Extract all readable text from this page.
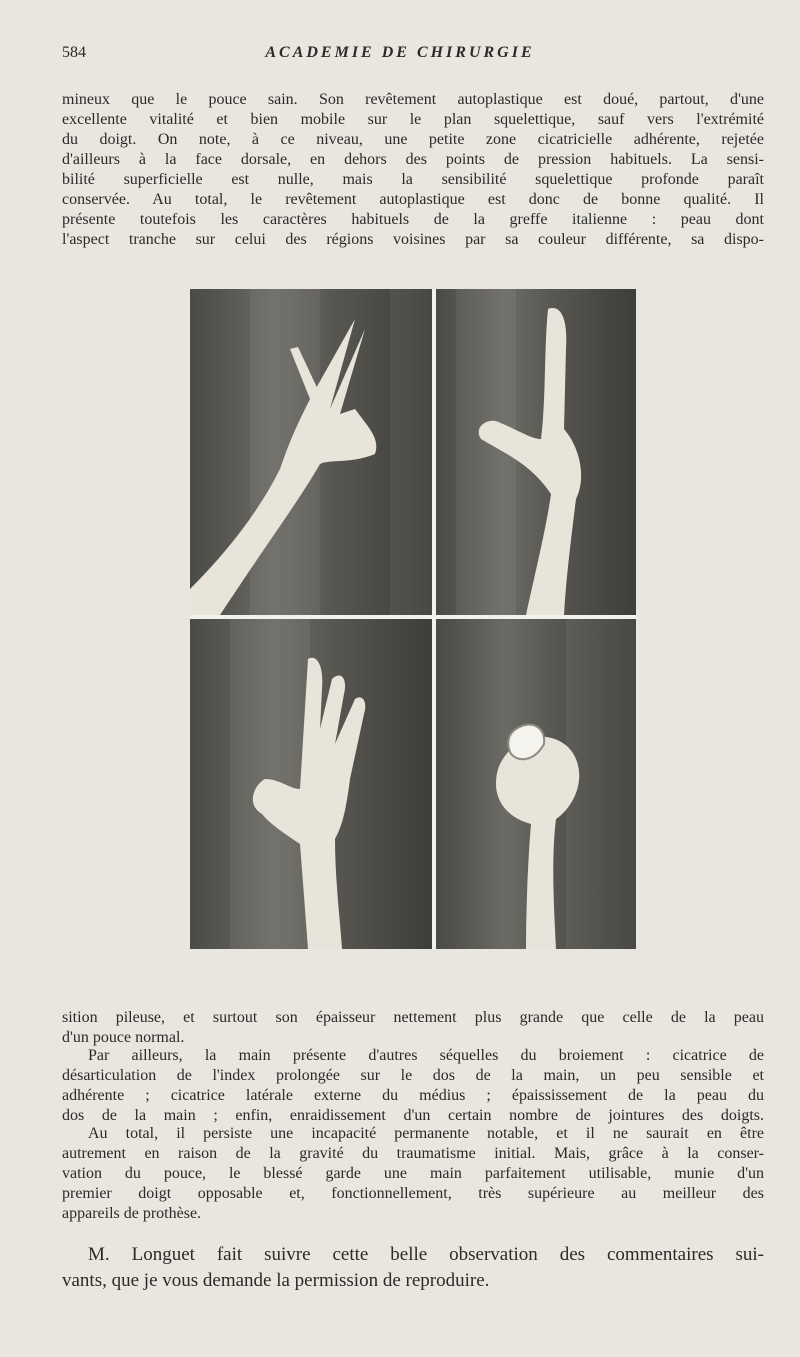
584	ACADEMIE DE CHIRURGIE
mineux que le pouce sain. Son revêtement autoplastique est doué, partout, d'une
excellente vitalité et bien mobile sur le plan squelettique, sauf vers l'extrémité
du doigt. On note, à ce niveau, une petite zone cicatricielle adhérente, rejetée
d'ailleurs à la face dorsale, en dehors des points de pression habituels. La sensi-
bilité superficielle est nulle, mais la sensibilité squelettique profonde paraît
conservée. Au total, le revêtement autoplastique est donc de bonne qualité. Il
présente toutefois les caractères habituels de la greffe italienne : peau dont
l'aspect tranche sur celui des régions voisines par sa couleur différente, sa dispo-
sition pileuse, et surtout son épaisseur nettement plus grande que celle de la peau
d'un pouce normal.
Par ailleurs, la main présente d'autres séquelles du broiement : cicatrice de
désarticulation de l'index prolongée sur le dos de la main, un peu sensible et
adhérente ; cicatrice latérale externe du médius ; épaississement de la peau du
dos de la main ; enfin, enraidissement d'un certain nombre de jointures des doigts.
Au total, il persiste une incapacité permanente notable, et il ne saurait en être
autrement en raison de la gravité du traumatisme initial. Mais, grâce à la conser-
vation du pouce, le blessé garde une main parfaitement utilisable, munie d'un
premier doigt opposable et, fonctionnellement, très supérieure au meilleur des
appareils de prothèse.
M. Longuet fait suivre cette belle observation des commentaires sui-
vants, que je vous demande la permission de reproduire.
